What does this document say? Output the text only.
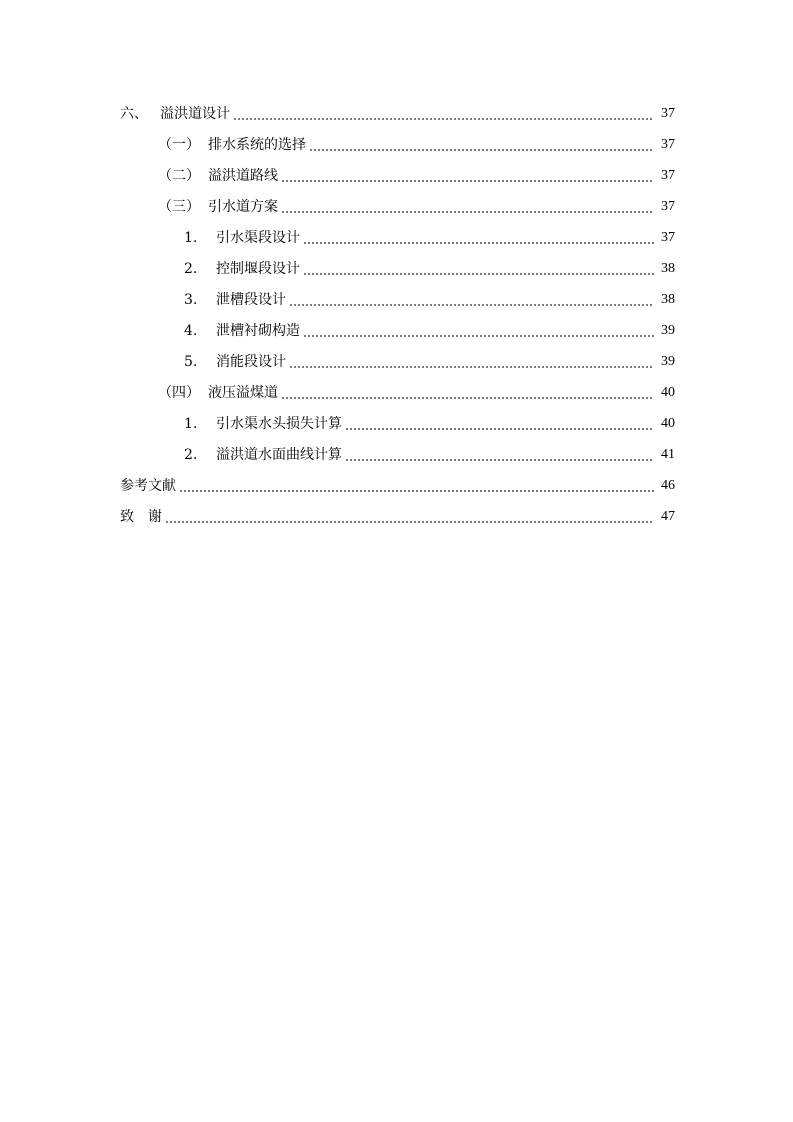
六、 溢洪道设计	37
（一） 排水系统的选择	37
（二） 溢洪道路线	37
（三） 引水道方案	37
1.	引水渠段设计	37
2.	控制堰段设计	38
3.	泄槽段设计	38
4.	泄槽衬砌构造	39
5.	消能段设计	39
（四） 液压溢煤道	40
1.	引水渠水头损失计算	40
2.	溢洪道水面曲线计算	41
参考文献	46
致　谢	47
